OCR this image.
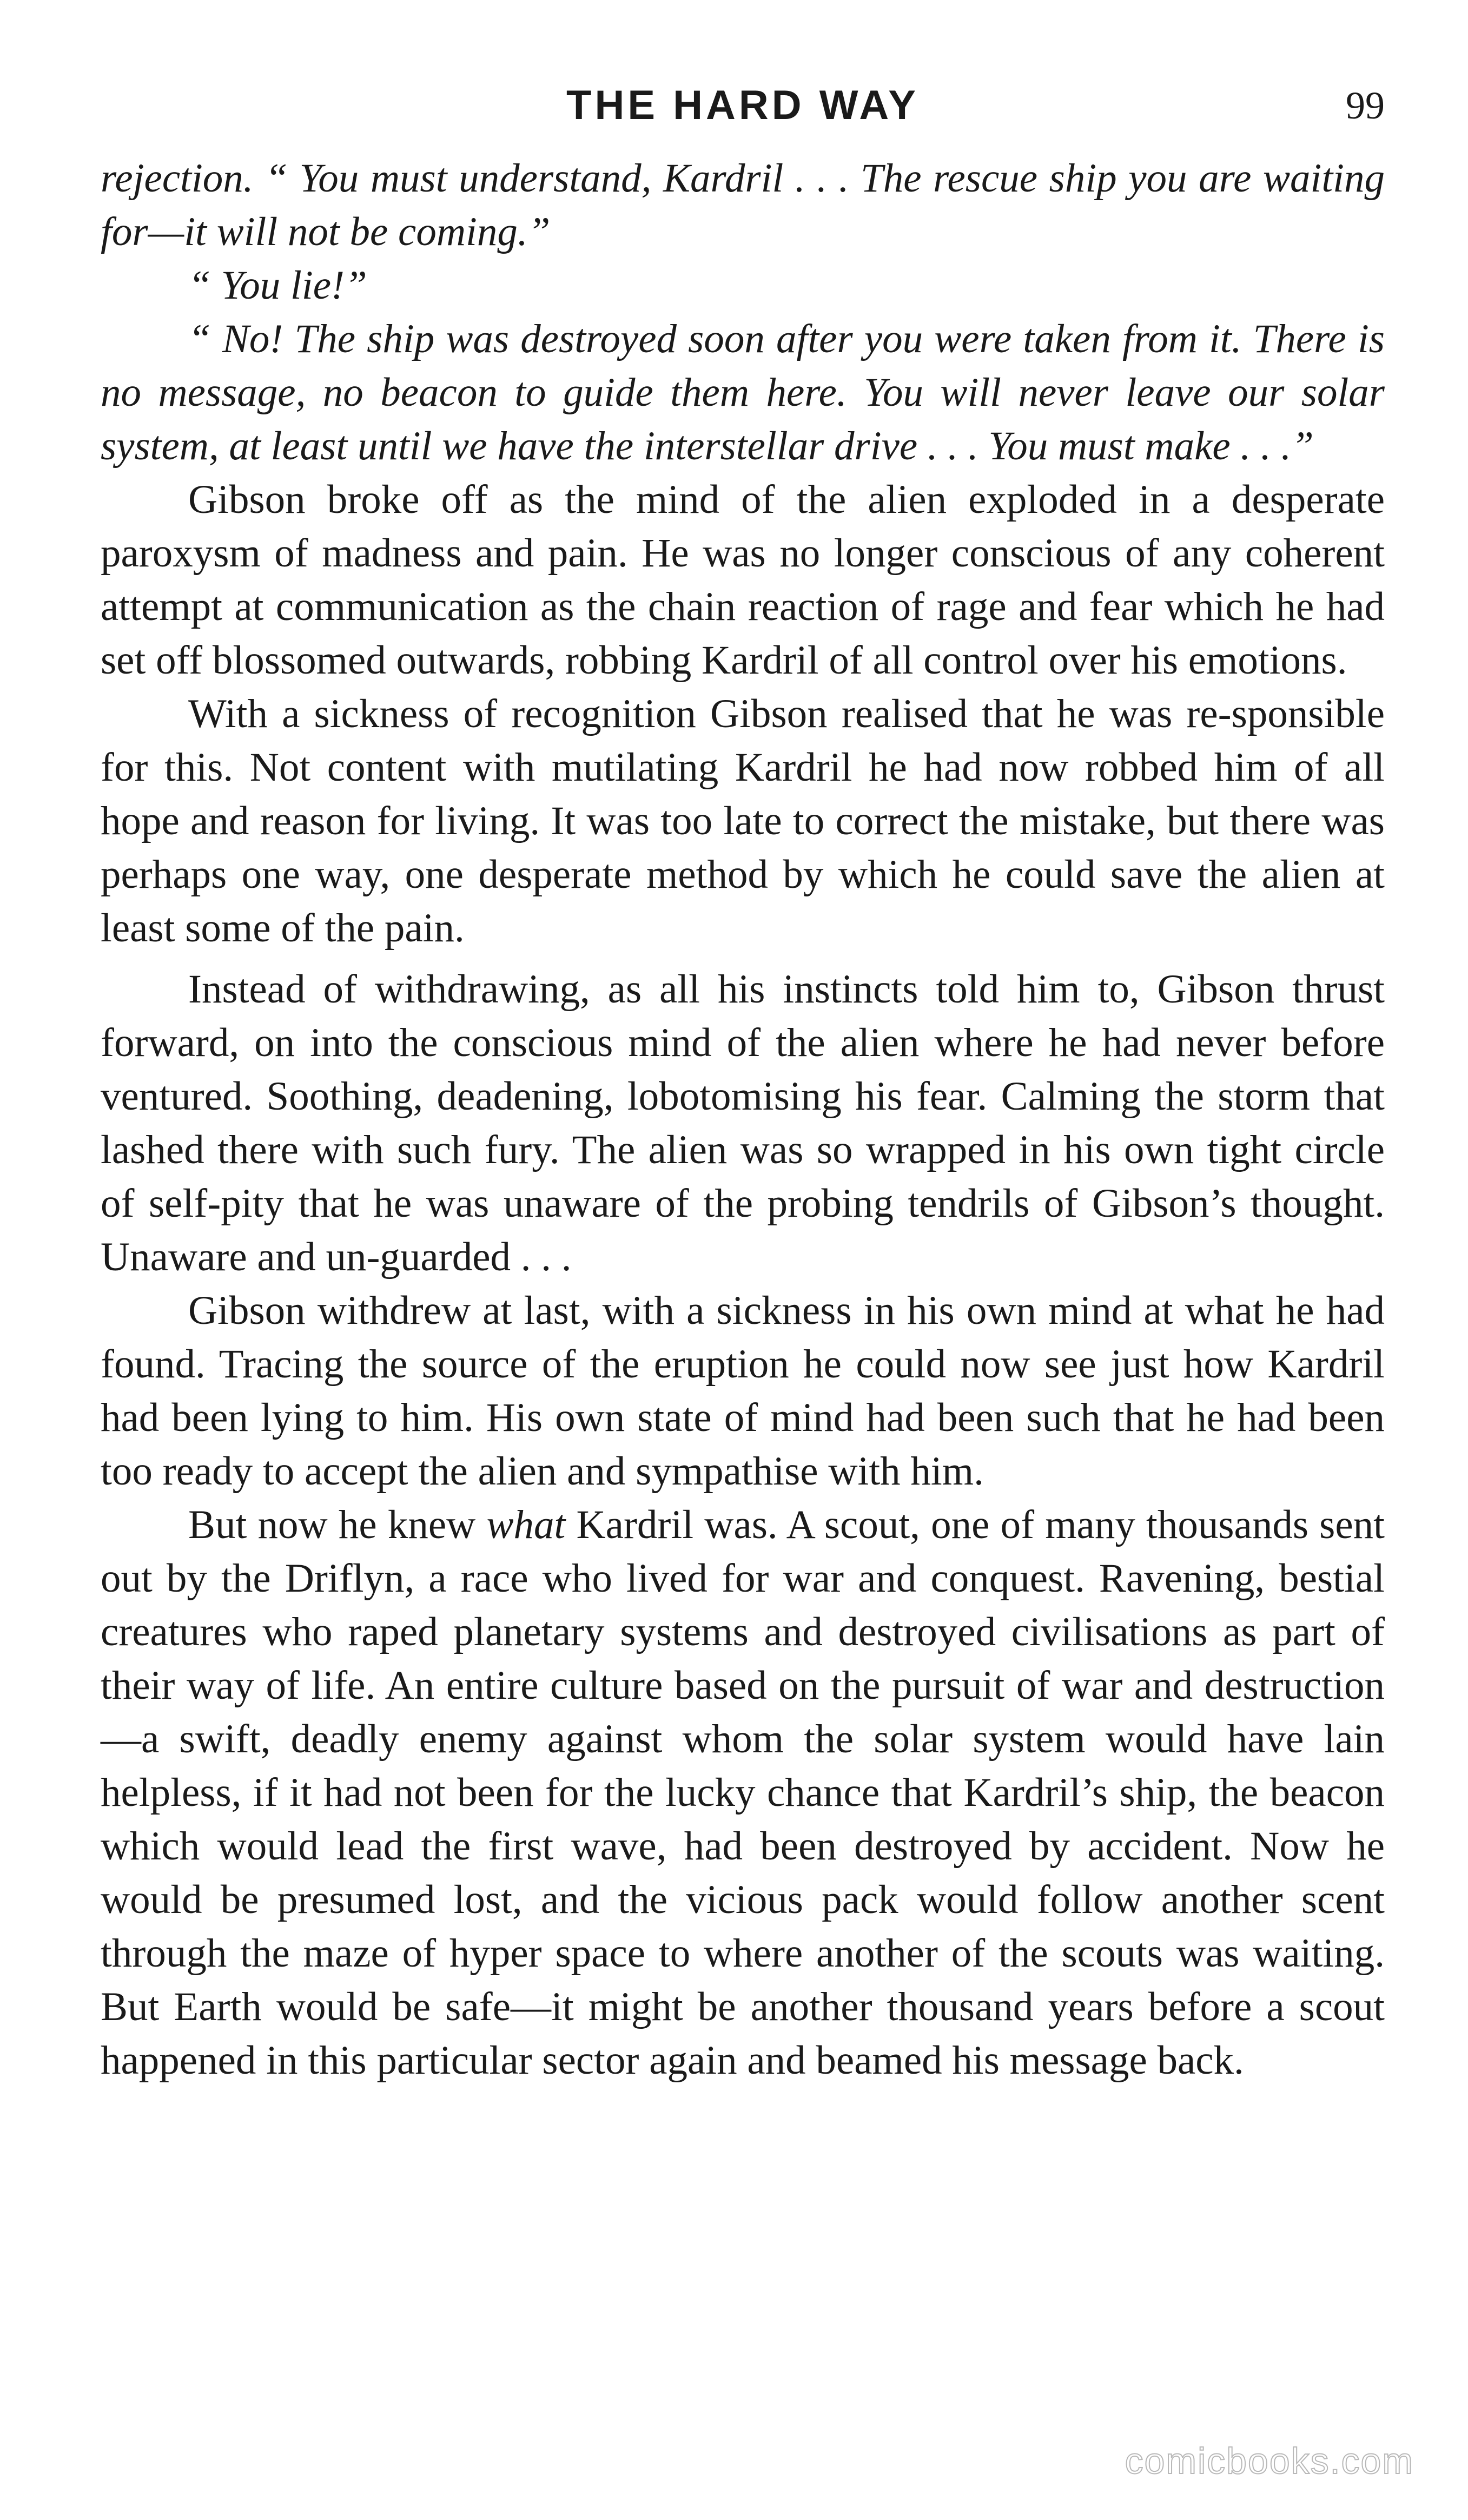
THE HARD WAY	99

rejection. “ You must understand, Kardril . . . The rescue ship you are waiting for—it will not be coming.”

“ You lie!”

“ No! The ship was destroyed soon after you were taken from it. There is no message, no beacon to guide them here. You will never leave our solar system, at least until we have the interstellar drive . . . You must make . . .”

Gibson broke off as the mind of the alien exploded in a desperate paroxysm of madness and pain. He was no longer conscious of any coherent attempt at communication as the chain reaction of rage and fear which he had set off blossomed outwards, robbing Kardril of all control over his emotions.

With a sickness of recognition Gibson realised that he was re-sponsible for this. Not content with mutilating Kardril he had now robbed him of all hope and reason for living. It was too late to correct the mistake, but there was perhaps one way, one desperate method by which he could save the alien at least some of the pain.

Instead of withdrawing, as all his instincts told him to, Gibson thrust forward, on into the conscious mind of the alien where he had never before ventured. Soothing, deadening, lobotomising his fear. Calming the storm that lashed there with such fury. The alien was so wrapped in his own tight circle of self-pity that he was unaware of the probing tendrils of Gibson’s thought. Unaware and un-guarded . . .

Gibson withdrew at last, with a sickness in his own mind at what he had found. Tracing the source of the eruption he could now see just how Kardril had been lying to him. His own state of mind had been such that he had been too ready to accept the alien and sympathise with him.

But now he knew what Kardril was. A scout, one of many thousands sent out by the Driflyn, a race who lived for war and conquest. Ravening, bestial creatures who raped planetary systems and destroyed civilisations as part of their way of life. An entire culture based on the pursuit of war and destruction—a swift, deadly enemy against whom the solar system would have lain helpless, if it had not been for the lucky chance that Kardril’s ship, the beacon which would lead the first wave, had been destroyed by accident. Now he would be presumed lost, and the vicious pack would follow another scent through the maze of hyper space to where another of the scouts was waiting. But Earth would be safe—it might be another thousand years before a scout happened in this particular sector again and beamed his message back.

comicbooks.com
